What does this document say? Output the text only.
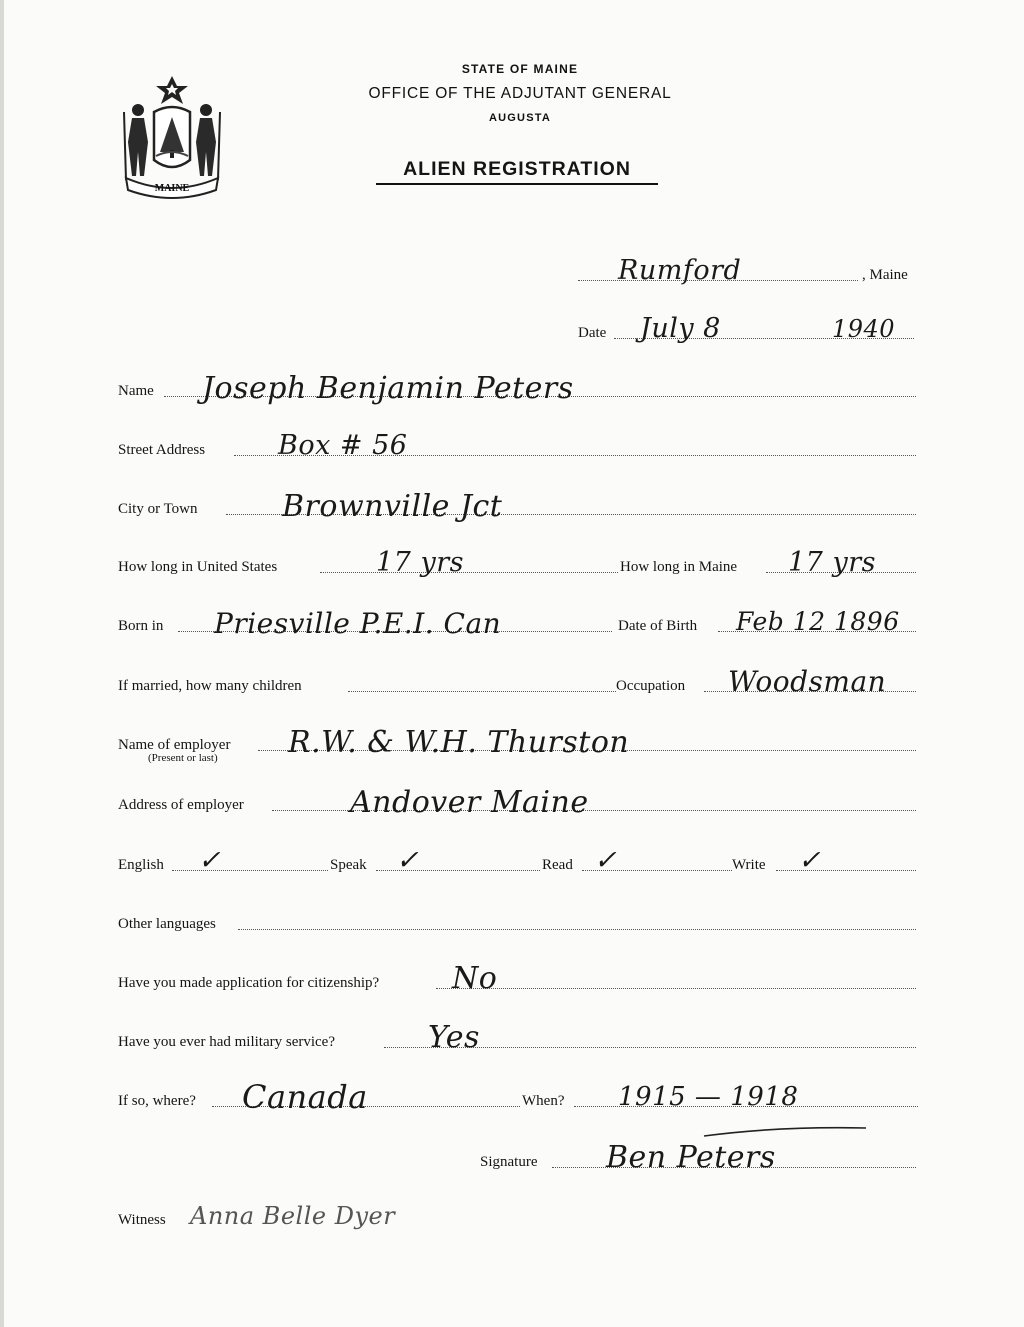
MAINE
STATE OF MAINE
OFFICE OF THE ADJUTANT GENERAL
AUGUSTA
ALIEN REGISTRATION
Rumford	, Maine
Date July 8	1940
Name Joseph Benjamin Peters
Street Address	Box # 56
City or Town	Brownville Jct
How long in United States	17 yrs	How long in Maine 17 yrs
Born in Priesville P.E.I. Can	Date of Birth Feb 12 1896
If married, how many children	Occupation Woodsman
Name of employer R.W. & W.H. Thurston
(Present or last)
Address of employer	Andover Maine
English ✓	Speak ✓	Read ✓	Write ✓
Other languages
Have you made application for citizenship? No
Have you ever had military service?	Yes
If so, where? Canada	When? 1915 — 1918
Signature Ben Peters
Witness Anna Belle Dyer
